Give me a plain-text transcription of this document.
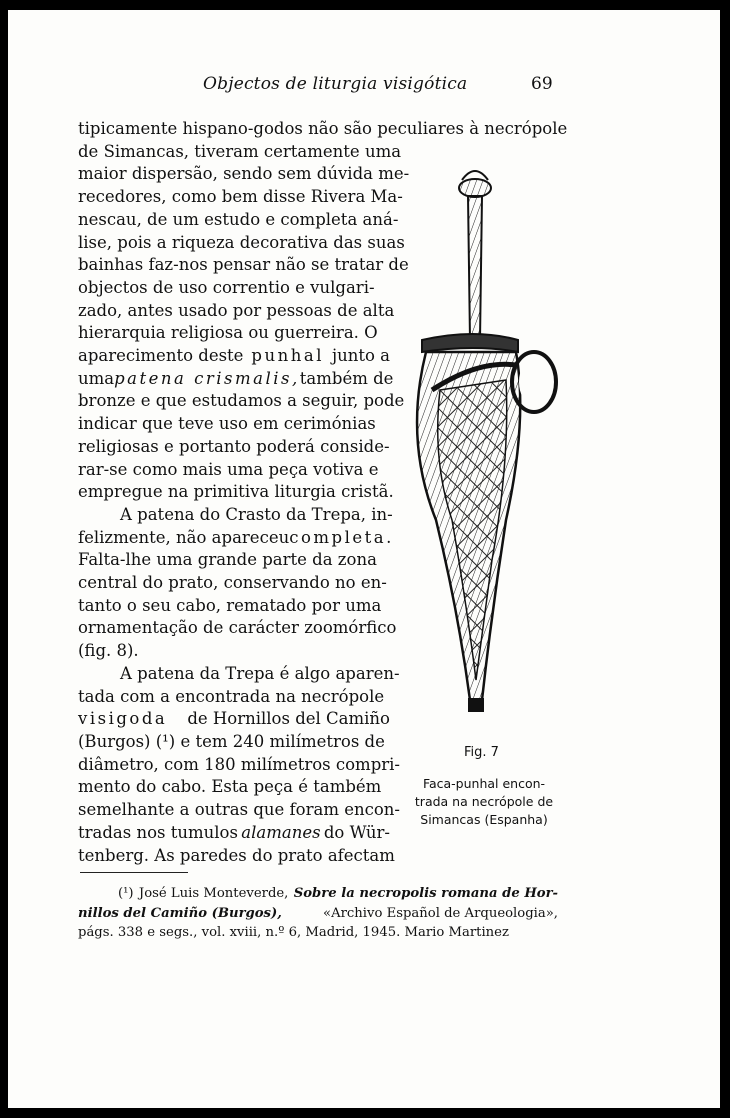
Objectos de liturgia visigótica	69
tipicamente hispano-godos não são peculiares à necrópole
de Simancas, tiveram certamente uma
maior dispersão, sendo sem dúvida me-
recedores, como bem disse Rivera Ma-
nescau, de um estudo e completa aná-
lise, pois a riqueza decorativa das suas
bainhas faz-nos pensar não se tratar de
objectos de uso correntio e vulgari-
zado, antes usado por pessoas de alta
hierarquia religiosa ou guerreira. O
aparecimento deste punhal junto a
uma patena crismalis, também de
bronze e que estudamos a seguir, pode
indicar que teve uso em cerimónias
religiosas e portanto poderá conside-
rar-se como mais uma peça votiva e
empregue na primitiva liturgia cristã.
A patena do Crasto da Trepa, in-
felizmente, não apareceu completa.
Falta-lhe uma grande parte da zona
central do prato, conservando no en-
tanto o seu cabo, rematado por uma
ornamentação de carácter zoomórfico
(fig. 8).
A patena da Trepa é algo aparen-
tada com a encontrada na necrópole
visigoda de Hornillos del Camiño
(Burgos) (¹) e tem 240 milímetros de
diâmetro, com 180 milímetros compri-
mento do cabo. Esta peça é também
semelhante a outras que foram encon-
tradas nos tumulos alamanes do Wür-
tenberg. As paredes do prato afectam
Fig. 7
Faca-punhal encon-
trada na necrópole de
Simancas (Espanha)
(¹) José Luis Monteverde, Sobre la necropolis romana de Hor-
nillos del Camiño (Burgos),	«Archivo Español de Arqueologia»,
págs. 338 e segs., vol. xviii, n.º 6, Madrid, 1945. Mario Martinez
